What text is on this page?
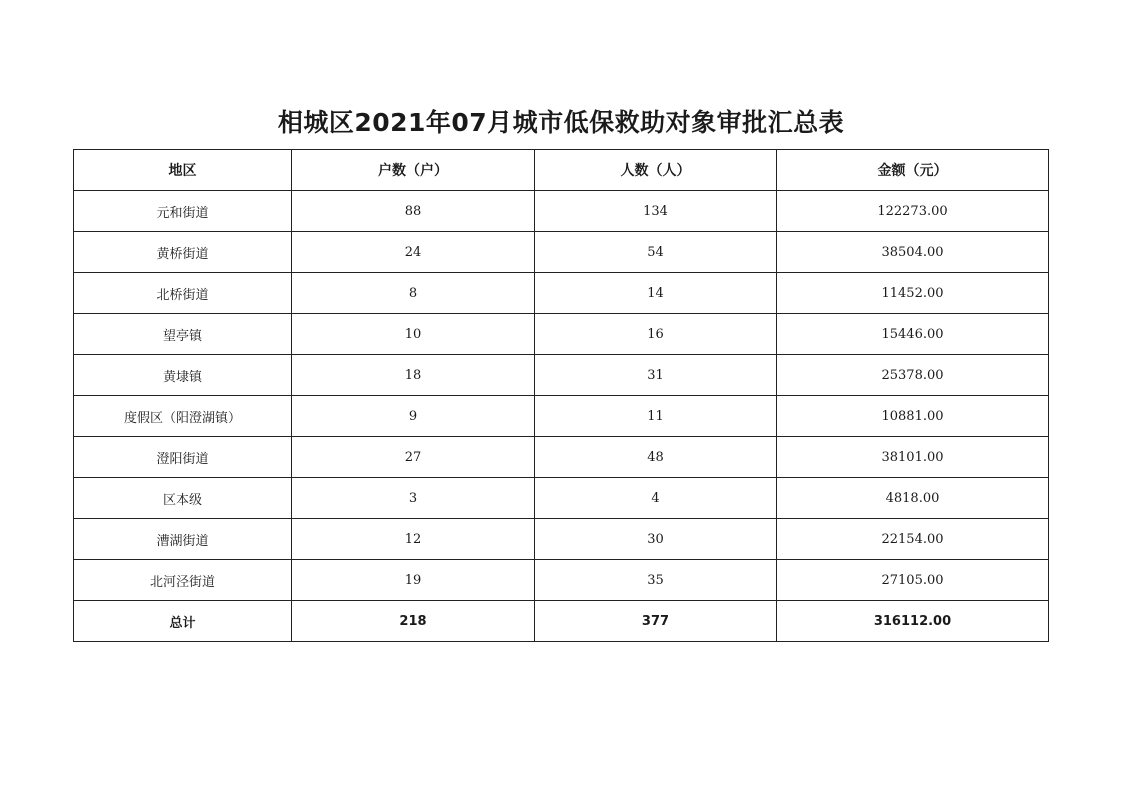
相城区2021年07月城市低保救助对象审批汇总表
地区	户数（户）	人数（人）	金额（元）
元和街道	88	134	122273.00
黄桥街道	24	54	38504.00
北桥街道	8	14	11452.00
望亭镇	10	16	15446.00
黄埭镇	18	31	25378.00
度假区（阳澄湖镇）	9	11	10881.00
澄阳街道	27	48	38101.00
区本级	3	4	4818.00
漕湖街道	12	30	22154.00
北河泾街道	19	35	27105.00
总计	218	377	316112.00
